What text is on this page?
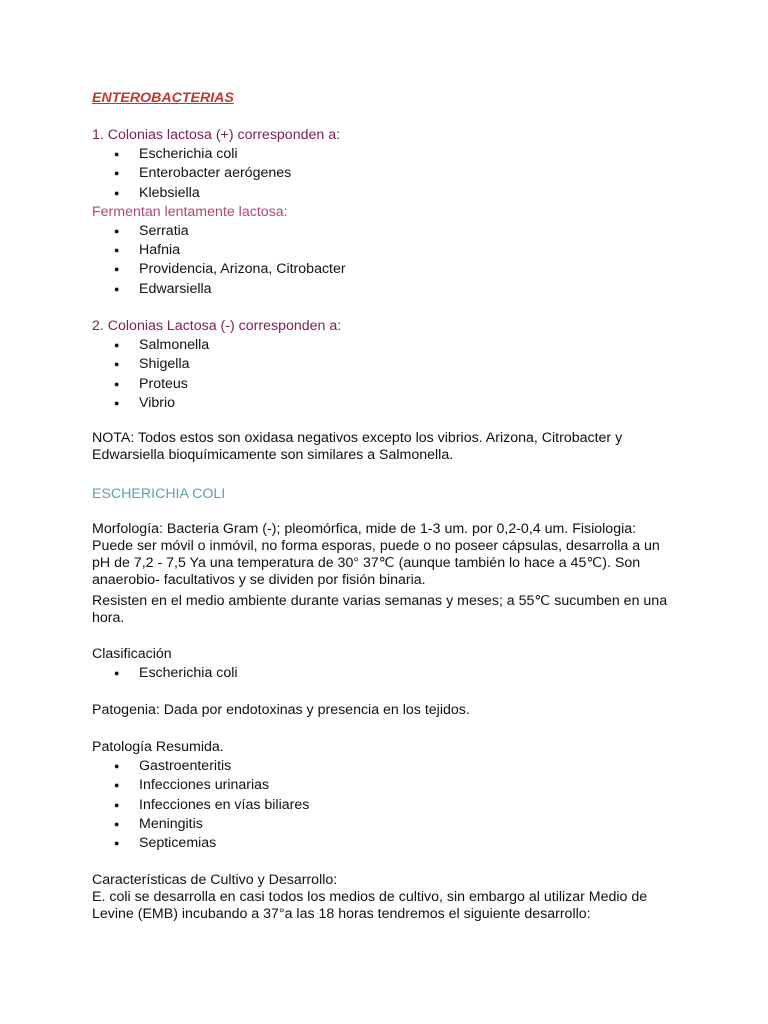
ENTEROBACTERIAS

1. Colonias lactosa (+) corresponden a:

● Escherichia coli
● Enterobacter aerógenes
● Klebsiella

Fermentan lentamente lactosa:

● Serratia
● Hafnia
● Providencia, Arizona, Citrobacter
● Edwarsiella

2. Colonias Lactosa (-) corresponden a:

● Salmonella
● Shigella
● Proteus
● Vibrio

NOTA: Todos estos son oxidasa negativos excepto los vibrios. Arizona, Citrobacter y

Edwarsiella bioquímicamente son similares a Salmonella.

ESCHERICHIA COLI

Morfología: Bacteria Gram (-); pleomórfica, mide de 1-3 um. por 0,2-0,4 um. Fisiologia:

Puede ser móvil o inmóvil, no forma esporas, puede o no poseer cápsulas, desarrolla a un

pH de 7,2 - 7,5 Ya una temperatura de 30° 37℃ (aunque también lo hace a 45℃). Son

anaerobio- facultativos y se dividen por fisión binaria.

Resisten en el medio ambiente durante varias semanas y meses; a 55℃ sucumben en una

hora.

Clasificación

● Escherichia coli

Patogenia: Dada por endotoxinas y presencia en los tejidos.

Patología Resumida.

● Gastroenteritis
● Infecciones urinarias
● Infecciones en vías biliares
● Meningitis
● Septicemias

Características de Cultivo y Desarrollo:

E. coli se desarrolla en casi todos los medios de cultivo, sin embargo al utilizar Medio de

Levine (EMB) incubando a 37°a las 18 horas tendremos el siguiente desarrollo:
